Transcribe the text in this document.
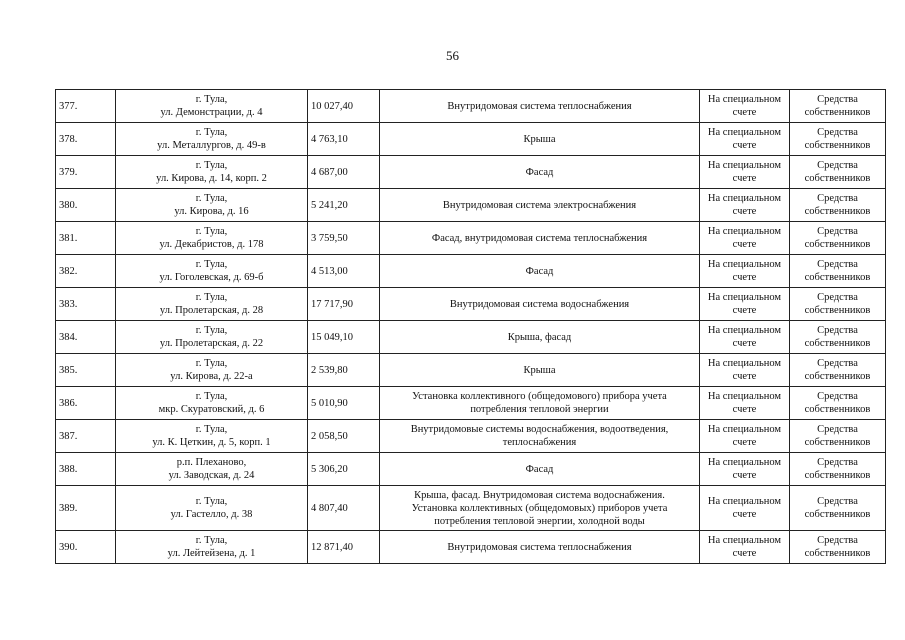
56
377.	г. Тула,
ул. Демонстрации, д. 4	10 027,40	Внутридомовая система теплоснабжения	На специальном
счете	Средства
собственников

378.	г. Тула,
ул. Металлургов, д. 49-в	4 763,10	Крыша	На специальном
счете	Средства
собственников

379.	г. Тула,
ул. Кирова, д. 14, корп. 2	4 687,00	Фасад	На специальном
счете	Средства
собственников

380.	г. Тула,
ул. Кирова, д. 16	5 241,20	Внутридомовая система электроснабжения	На специальном
счете	Средства
собственников

381.	г. Тула,
ул. Декабристов, д. 178	3 759,50	Фасад, внутридомовая система теплоснабжения	На специальном
счете	Средства
собственников

382.	г. Тула,
ул. Гоголевская, д. 69-б	4 513,00	Фасад	На специальном
счете	Средства
собственников

383.	г. Тула,
ул. Пролетарская, д. 28	17 717,90	Внутридомовая система водоснабжения	На специальном
счете	Средства
собственников

384.	г. Тула,
ул. Пролетарская, д. 22	15 049,10	Крыша, фасад	На специальном
счете	Средства
собственников

385.	г. Тула,
ул. Кирова, д. 22-а	2 539,80	Крыша	На специальном
счете	Средства
собственников

386.	г. Тула,
мкр. Скуратовский, д. 6	5 010,90	Установка коллективного (общедомового) прибора учета
потребления тепловой энергии	На специальном
счете	Средства
собственников

387.	г. Тула,
ул. К. Цеткин, д. 5, корп. 1	2 058,50	Внутридомовые системы водоснабжения, водоотведения,
теплоснабжения	На специальном
счете	Средства
собственников

388.	р.п. Плеханово,
ул. Заводская, д. 24	5 306,20	Фасад	На специальном
счете	Средства
собственников

389.	г. Тула,
ул. Гастелло, д. 38	4 807,40	Крыша, фасад. Внутридомовая система водоснабжения.
Установка коллективных (общедомовых) приборов учета
потребления тепловой энергии, холодной воды	На специальном
счете	Средства
собственников

390.	г. Тула,
ул. Лейтейзена, д. 1	12 871,40	Внутридомовая система теплоснабжения	На специальном
счете	Средства
собственников
